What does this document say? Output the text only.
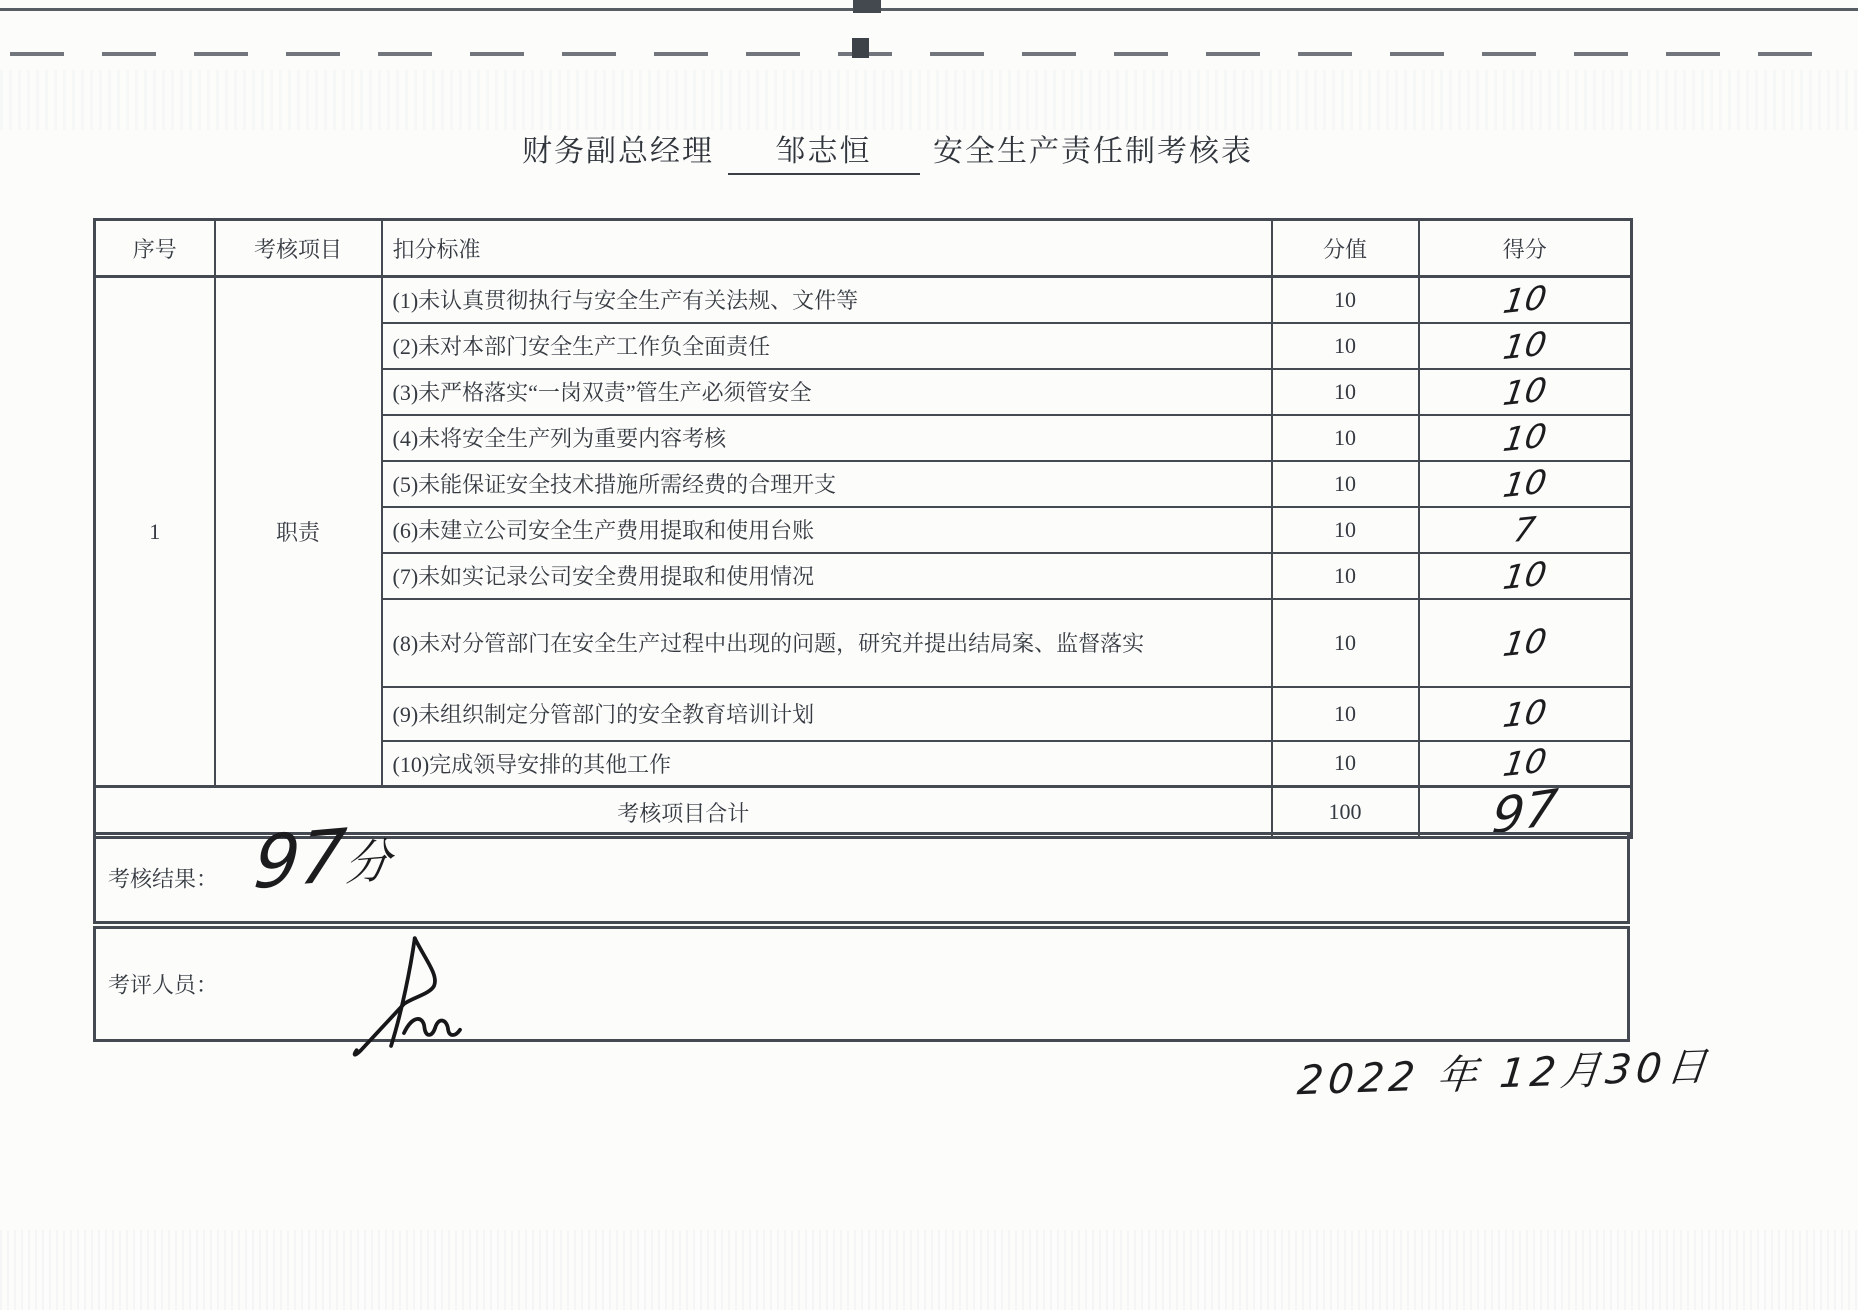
财务副总经理 邹志恒 安全生产责任制考核表
序号	考核项目	扣分标准	分值	得分
1	职责	(1)未认真贯彻执行与安全生产有关法规、文件等	10	10
		(2)未对本部门安全生产工作负全面责任	10	10
		(3)未严格落实“一岗双责”管生产必须管安全	10	10
		(4)未将安全生产列为重要内容考核	10	10
		(5)未能保证安全技术措施所需经费的合理开支	10	10
		(6)未建立公司安全生产费用提取和使用台账	10	7
		(7)未如实记录公司安全费用提取和使用情况	10	10
		(8)未对分管部门在安全生产过程中出现的问题，研究并提出结局案、监督落实	10	10
		(9)未组织制定分管部门的安全教育培训计划	10	10
		(10)完成领导安排的其他工作	10	10
考核项目合计			100	97
考核结果： 97分
考评人员：
2022 年 12月30日
